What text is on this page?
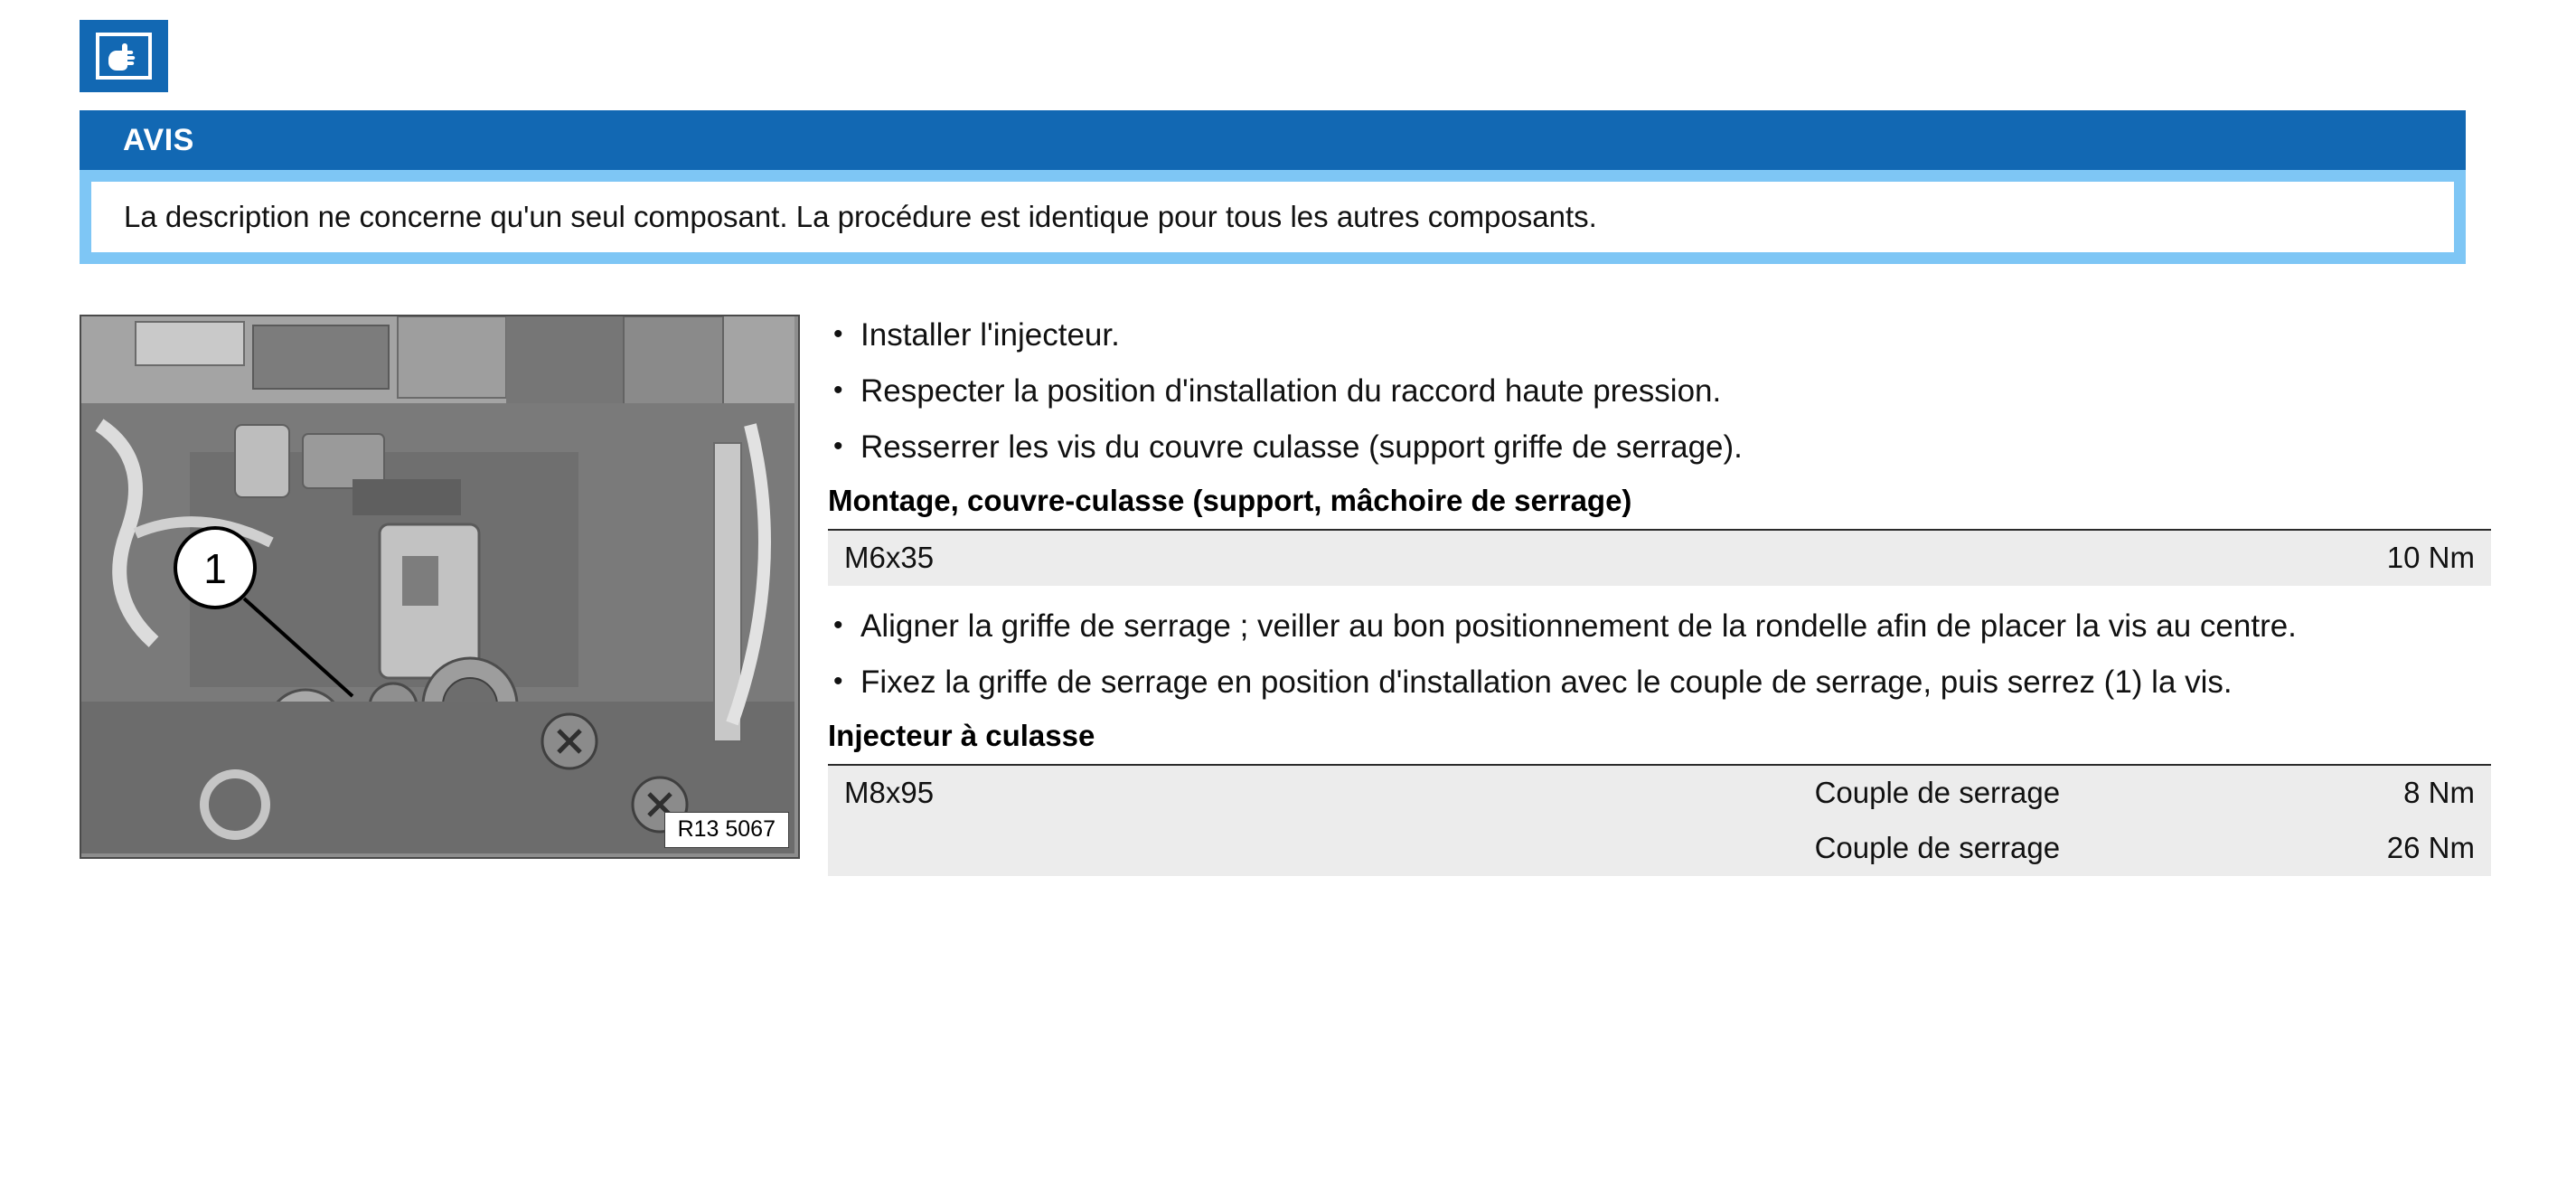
AVIS
La description ne concerne qu'un seul composant. La procédure est identique pour tous les autres composants.
1
R13 5067
• Installer l'injecteur.
• Respecter la position d'installation du raccord haute pression.
• Resserrer les vis du couvre culasse (support griffe de serrage).
Montage, couvre-culasse (support, mâchoire de serrage)
M6x35			10 Nm
• Aligner la griffe de serrage ; veiller au bon positionnement de la rondelle afin de placer la vis au centre.
• Fixez la griffe de serrage en position d'installation avec le couple de serrage, puis serrez (1) la vis.
Injecteur à culasse
M8x95		Couple de serrage	8 Nm
		Couple de serrage	26 Nm
